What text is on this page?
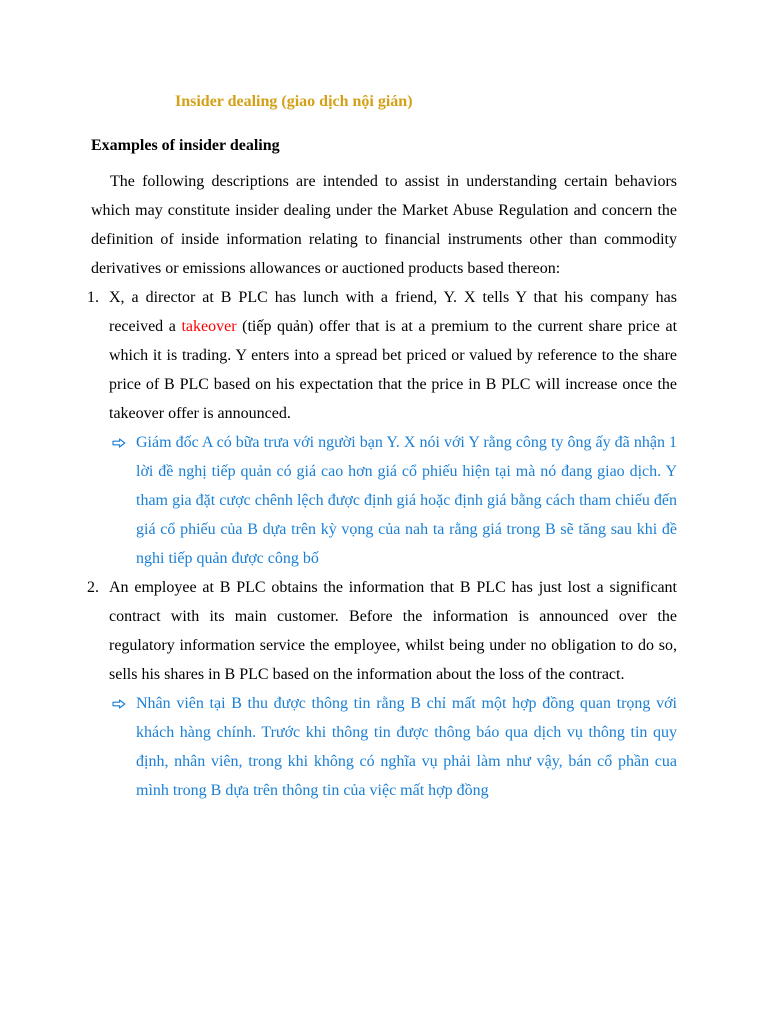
Insider dealing (giao dịch nội gián)
Examples of insider dealing

The following descriptions are intended to assist in understanding certain behaviors which may constitute insider dealing under the Market Abuse Regulation and concern the definition of inside information relating to financial instruments other than commodity derivatives or emissions allowances or auctioned products based thereon:

1. X, a director at B PLC has lunch with a friend, Y. X tells Y that his company has received a takeover (tiếp quản) offer that is at a premium to the current share price at which it is trading. Y enters into a spread bet priced or valued by reference to the share price of B PLC based on his expectation that the price in B PLC will increase once the takeover offer is announced.

Giám đốc A có bữa trưa với người bạn Y. X nói với Y rằng công ty ông ấy đã nhận 1 lời đề nghị tiếp quản có giá cao hơn giá cổ phiếu hiện tại mà nó đang giao dịch. Y tham gia đặt cược chênh lệch được định giá hoặc định giá bằng cách tham chiếu đến giá cổ phiếu của B dựa trên kỳ vọng của nah ta rằng giá trong B sẽ tăng sau khi đề nghi tiếp quản được công bố

2. An employee at B PLC obtains the information that B PLC has just lost a significant contract with its main customer. Before the information is announced over the regulatory information service the employee, whilst being under no obligation to do so, sells his shares in B PLC based on the information about the loss of the contract.

Nhân viên tại B thu được thông tin rằng B chỉ mất một hợp đồng quan trọng với khách hàng chính. Trước khi thông tin được thông báo qua dịch vụ thông tin quy định, nhân viên, trong khi không có nghĩa vụ phải làm như vậy, bán cổ phần cua mình trong B dựa trên thông tin của việc mất hợp đồng
